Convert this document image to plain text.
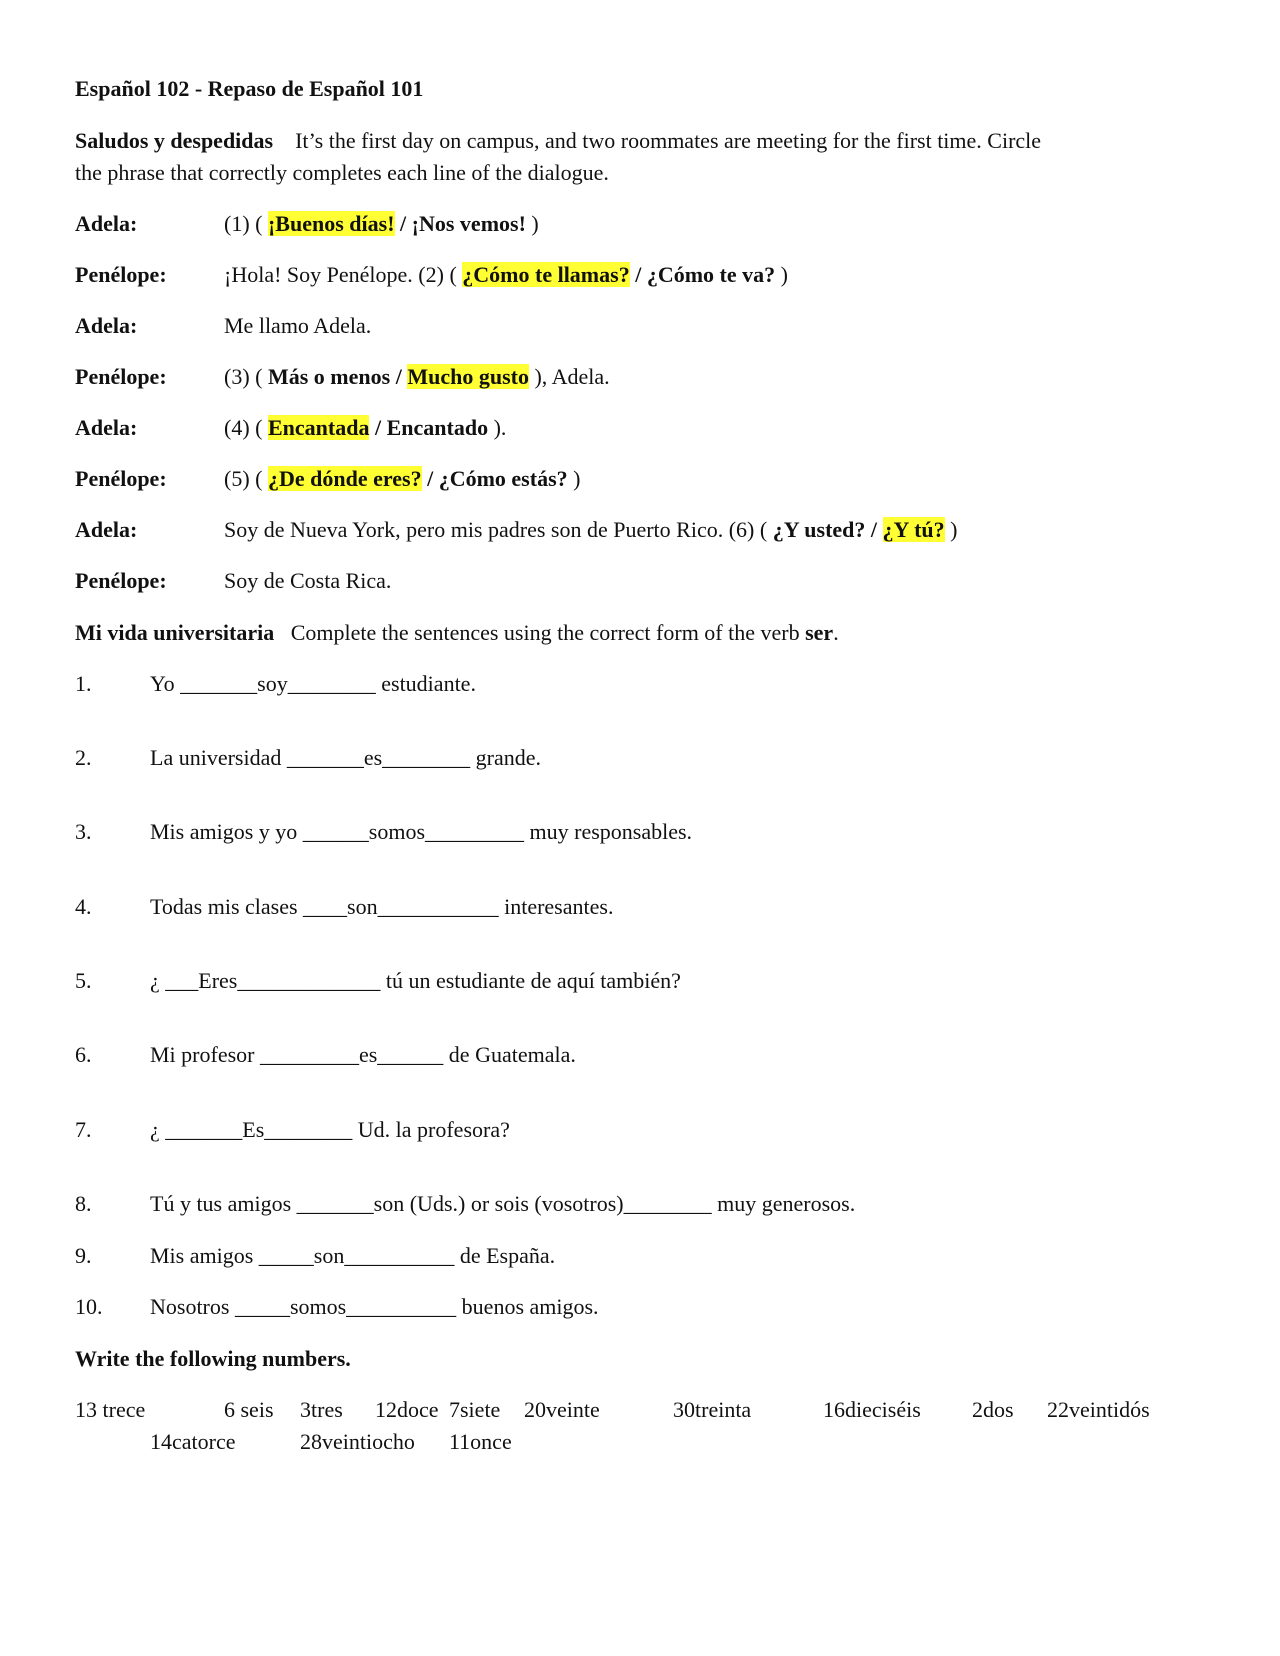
Español 102 - Repaso de Español 101
Saludos y despedidas It’s the first day on campus, and two roommates are meeting for the first time. Circle
the phrase that correctly completes each line of the dialogue.
Adela:	(1) ( ¡Buenos días! / ¡Nos vemos! )
Penélope:	¡Hola! Soy Penélope. (2) ( ¿Cómo te llamas? / ¿Cómo te va? )
Adela:	Me llamo Adela.
Penélope:	(3) ( Más o menos / Mucho gusto ), Adela.
Adela:	(4) ( Encantada / Encantado ).
Penélope:	(5) ( ¿De dónde eres? / ¿Cómo estás? )
Adela:	Soy de Nueva York, pero mis padres son de Puerto Rico. (6) ( ¿Y usted? / ¿Y tú? )
Penélope:	Soy de Costa Rica.
Mi vida universitaria Complete the sentences using the correct form of the verb ser.
1.	Yo _______soy________ estudiante.
2.	La universidad _______es________ grande.
3.	Mis amigos y yo ______somos_________ muy responsables.
4.	Todas mis clases ____son___________ interesantes.
5.	¿ ___Eres_____________ tú un estudiante de aquí también?
6.	Mi profesor _________es______ de Guatemala.
7.	¿ _______Es________ Ud. la profesora?
8.	Tú y tus amigos _______son (Uds.) or sois (vosotros)________ muy generosos.
9.	Mis amigos _____son__________ de España.
10. Nosotros _____somos__________ buenos amigos.
Write the following numbers.
13 trece	6 seis 3tres 12doce 7siete 20veinte	30treinta	16dieciséis 2dos 22veintidós
14catorce	28veintiocho 11once
